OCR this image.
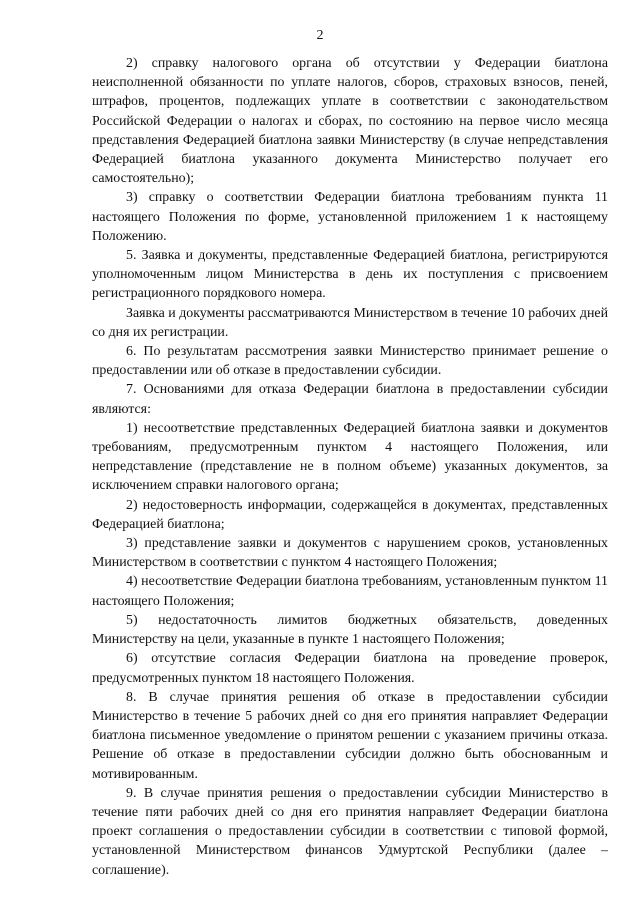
2

2) справку налогового органа об отсутствии у Федерации биатлона неисполненной обязанности по уплате налогов, сборов, страховых взносов, пеней, штрафов, процентов, подлежащих уплате в соответствии с законодательством Российской Федерации о налогах и сборах, по состоянию на первое число месяца представления Федерацией биатлона заявки Министерству (в случае непредставления Федерацией биатлона указанного документа Министерство получает его самостоятельно);

3) справку о соответствии Федерации биатлона требованиям пункта 11 настоящего Положения по форме, установленной приложением 1 к настоящему Положению.

5. Заявка и документы, представленные Федерацией биатлона, регистрируются уполномоченным лицом Министерства в день их поступления с присвоением регистрационного порядкового номера.

Заявка и документы рассматриваются Министерством в течение 10 рабочих дней со дня их регистрации.

6. По результатам рассмотрения заявки Министерство принимает решение о предоставлении или об отказе в предоставлении субсидии.

7. Основаниями для отказа Федерации биатлона в предоставлении субсидии являются:

1) несоответствие представленных Федерацией биатлона заявки и документов требованиям, предусмотренным пунктом 4 настоящего Положения, или непредставление (представление не в полном объеме) указанных документов, за исключением справки налогового органа;

2) недостоверность информации, содержащейся в документах, представленных Федерацией биатлона;

3) представление заявки и документов с нарушением сроков, установленных Министерством в соответствии с пунктом 4 настоящего Положения;

4) несоответствие Федерации биатлона требованиям, установленным пунктом 11 настоящего Положения;

5) недостаточность лимитов бюджетных обязательств, доведенных Министерству на цели, указанные в пункте 1 настоящего Положения;

6) отсутствие согласия Федерации биатлона на проведение проверок, предусмотренных пунктом 18 настоящего Положения.

8. В случае принятия решения об отказе в предоставлении субсидии Министерство в течение 5 рабочих дней со дня его принятия направляет Федерации биатлона письменное уведомление о принятом решении с указанием причины отказа. Решение об отказе в предоставлении субсидии должно быть обоснованным и мотивированным.

9. В случае принятия решения о предоставлении субсидии Министерство в течение пяти рабочих дней со дня его принятия направляет Федерации биатлона проект соглашения о предоставлении субсидии в соответствии с типовой формой, установленной Министерством финансов Удмуртской Республики (далее – соглашение).
